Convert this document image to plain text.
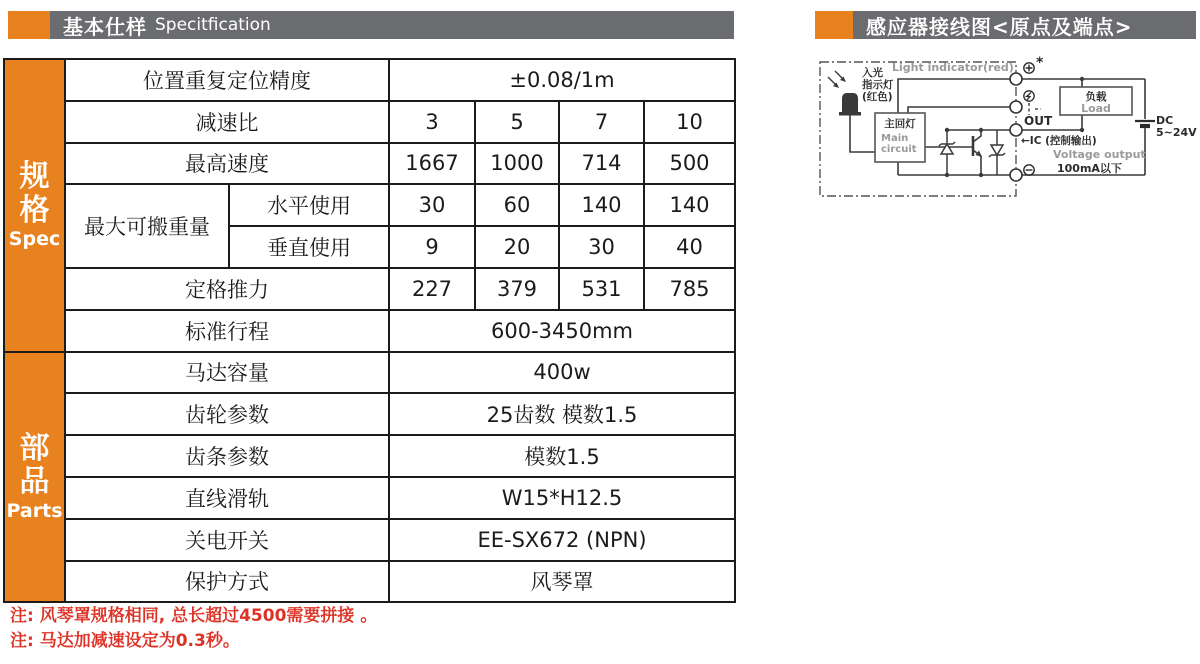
基本仕样 Specitfication	感应器接线图<原点及端点>
规格
Spec	位置重复定位精度		±0.08/1m			
	减速比		3	5	7	10
	最高速度		1667	1000	714	500
	最大可搬重量	水平使用	30	60	140	140
		垂直使用	9	20	30	40
	定格推力		227	379	531	785
	标准行程		600-3450mm			

部品
Parts	马达容量		400w			
	齿轮参数		25齿数 模数1.5			
	齿条参数		模数1.5			
	直线滑轨		W15*H12.5			
	关电开关		EE-SX672 (NPN)			
	保护方式		风琴罩			
注: 风琴罩规格相同, 总长超过4500需要拼接 。
注: 马达加减速设定为0.3秒。
主回灯
Main
circuit
负载
Load
入光
指示灯
(红色)
Light indicator(red) *
OUT
←IC (控制输出)
Voltage output
100mA以下
DC
5~24V
